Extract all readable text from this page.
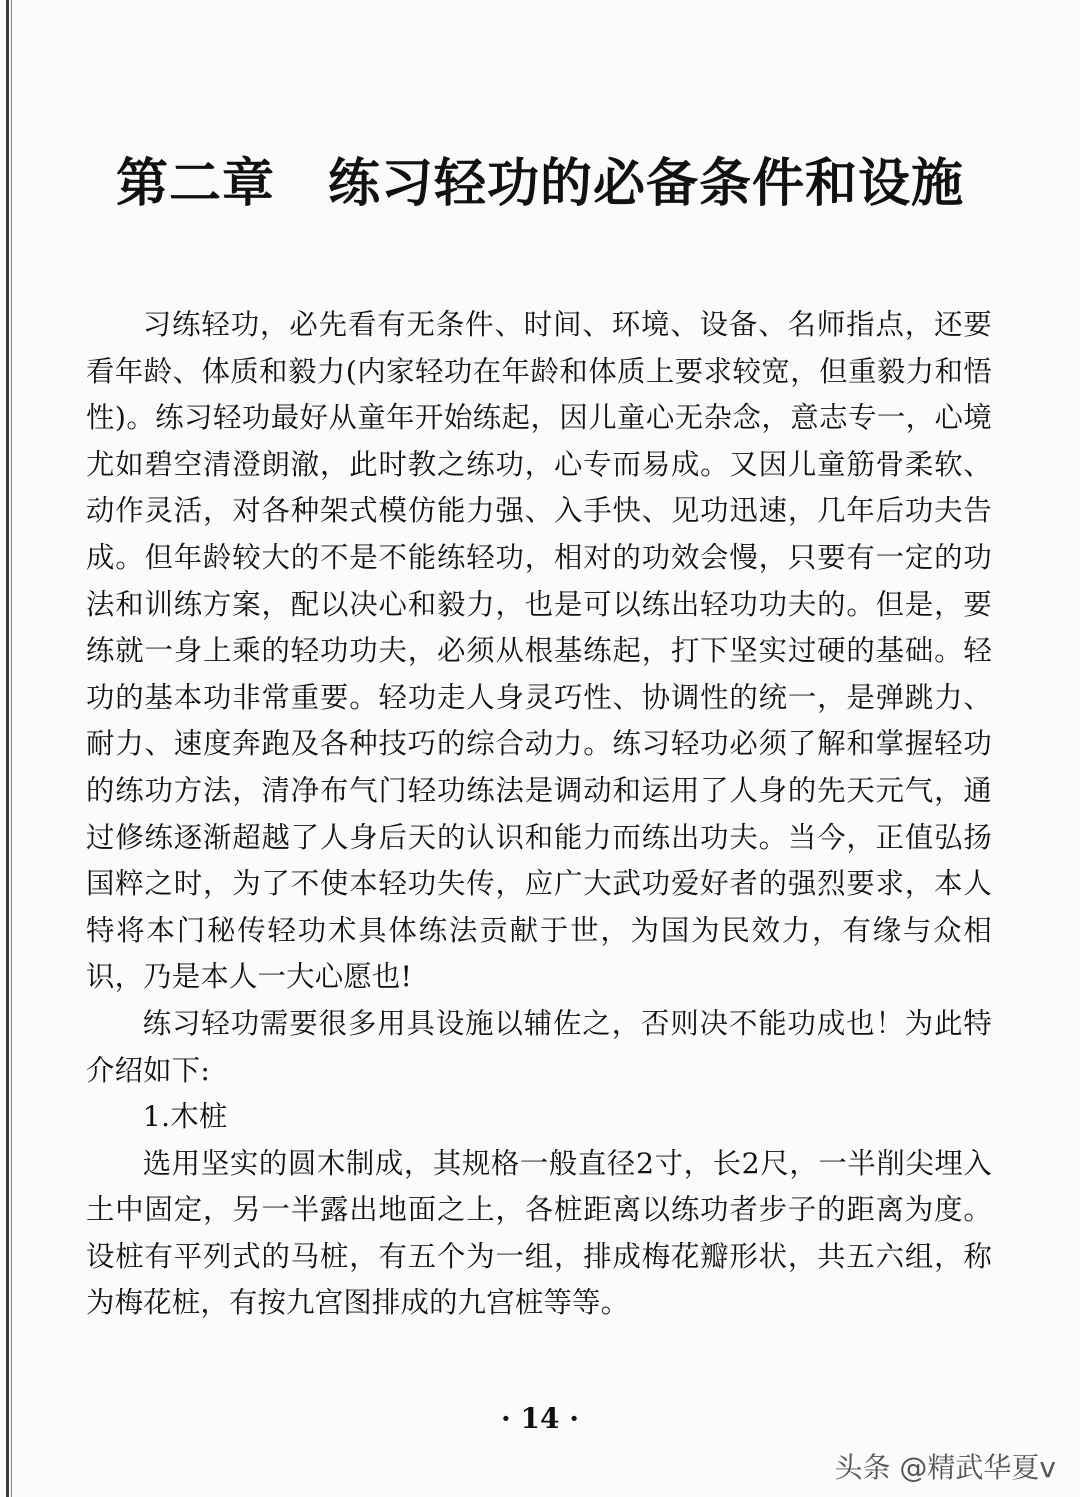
第二章　练习轻功的必备条件和设施

习练轻功，必先看有无条件、时间、环境、设备、名师指点，还要看年龄、体质和毅力(内家轻功在年龄和体质上要求较宽，但重毅力和悟性)。练习轻功最好从童年开始练起，因儿童心无杂念，意志专一，心境尤如碧空清澄朗澈，此时教之练功，心专而易成。又因儿童筋骨柔软、动作灵活，对各种架式模仿能力强、入手快、见功迅速，几年后功夫告成。但年龄较大的不是不能练轻功，相对的功效会慢，只要有一定的功法和训练方案，配以决心和毅力，也是可以练出轻功功夫的。但是，要练就一身上乘的轻功功夫，必须从根基练起，打下坚实过硬的基础。轻功的基本功非常重要。轻功走人身灵巧性、协调性的统一，是弹跳力、耐力、速度奔跑及各种技巧的综合动力。练习轻功必须了解和掌握轻功的练功方法，清净布气门轻功练法是调动和运用了人身的先天元气，通过修练逐渐超越了人身后天的认识和能力而练出功夫。当今，正值弘扬国粹之时，为了不使本轻功失传，应广大武功爱好者的强烈要求，本人特将本门秘传轻功术具体练法贡献于世，为国为民效力，有缘与众相识，乃是本人一大心愿也!

练习轻功需要很多用具设施以辅佐之，否则决不能功成也！为此特介绍如下:

1.木桩

选用坚实的圆木制成，其规格一般直径2寸，长2尺，一半削尖埋入土中固定，另一半露出地面之上，各桩距离以练功者步子的距离为度。设桩有平列式的马桩，有五个为一组，排成梅花瓣形状，共五六组，称为梅花桩，有按九宫图排成的九宫桩等等。

· 14 ·
头条 @精武华夏v
